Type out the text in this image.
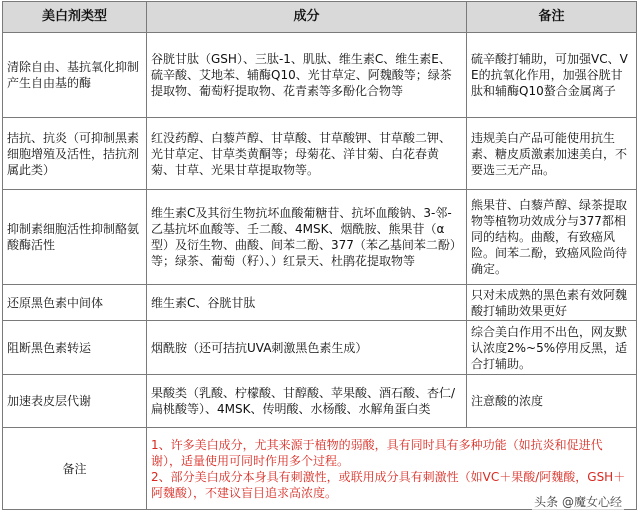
美白剂类型	成分	备注
清除自由、基抗氧化抑制产生自由基的酶	谷胱甘肽（GSH）、三肽-1、肌肽、维生素C、维生素E、硫辛酸、艾地苯、辅酶Q10、光甘草定、阿魏酸等；绿茶提取物、葡萄籽提取物、花青素等多酚化合物等	硫辛酸打辅助，可加强VC、VE的抗氧化作用，加强谷胱甘肽和辅酶Q10螯合金属离子
拮抗、抗炎（可抑制黑素细胞增殖及活性，拮抗剂属此类）	红没药醇、白藜芦醇、甘草酸、甘草酸钾、甘草酸二钾、光甘草定、甘草类黄酮等；母菊花、洋甘菊、白花春黄菊、甘草、光果甘草提取物等。	违规美白产品可能使用抗生素、糖皮质激素加速美白，不要选三无产品。
抑制素细胞活性抑制酪氨酸酶活性	维生素C及其衍生物抗坏血酸葡糖苷、抗坏血酸钠、3-邻-乙基抗坏血酸等、壬二酸、4MSK、烟酰胺、熊果苷（α型）及衍生物、曲酸、间苯二酚、377（苯乙基间苯二酚）等；绿茶、葡萄（籽）、）红景天、杜鹃花提取物等	熊果苷、白藜芦醇、绿茶提取物等植物功效成分与377都相同的结构。曲酸，有致癌风险。间苯二酚，致癌风险尚待确定。
还原黑色素中间体	维生素C、谷胱甘肽	只对未成熟的黑色素有效阿魏酸打辅助效果更好
阻断黑色素转运	烟酰胺（还可拮抗UVA刺激黑色素生成）	综合美白作用不出色，网友默认浓度2%~5%停用反黑，适合打辅助。
加速表皮层代谢	果酸类（乳酸、柠檬酸、甘醇酸、苹果酸、酒石酸、杏仁/扁桃酸等）、4MSK、传明酸、水杨酸、水解角蛋白类	注意酸的浓度
备注	1、许多美白成分，尤其来源于植物的弱酸，具有同时具有多种功能（如抗炎和促进代谢），适量使用可同时作用多个过程。
2、部分美白成分本身具有刺激性，或联用成分具有刺激性（如VC＋果酸/阿魏酸，GSH＋阿魏酸），不建议盲目追求高浓度。	
头条 @魔女心经
